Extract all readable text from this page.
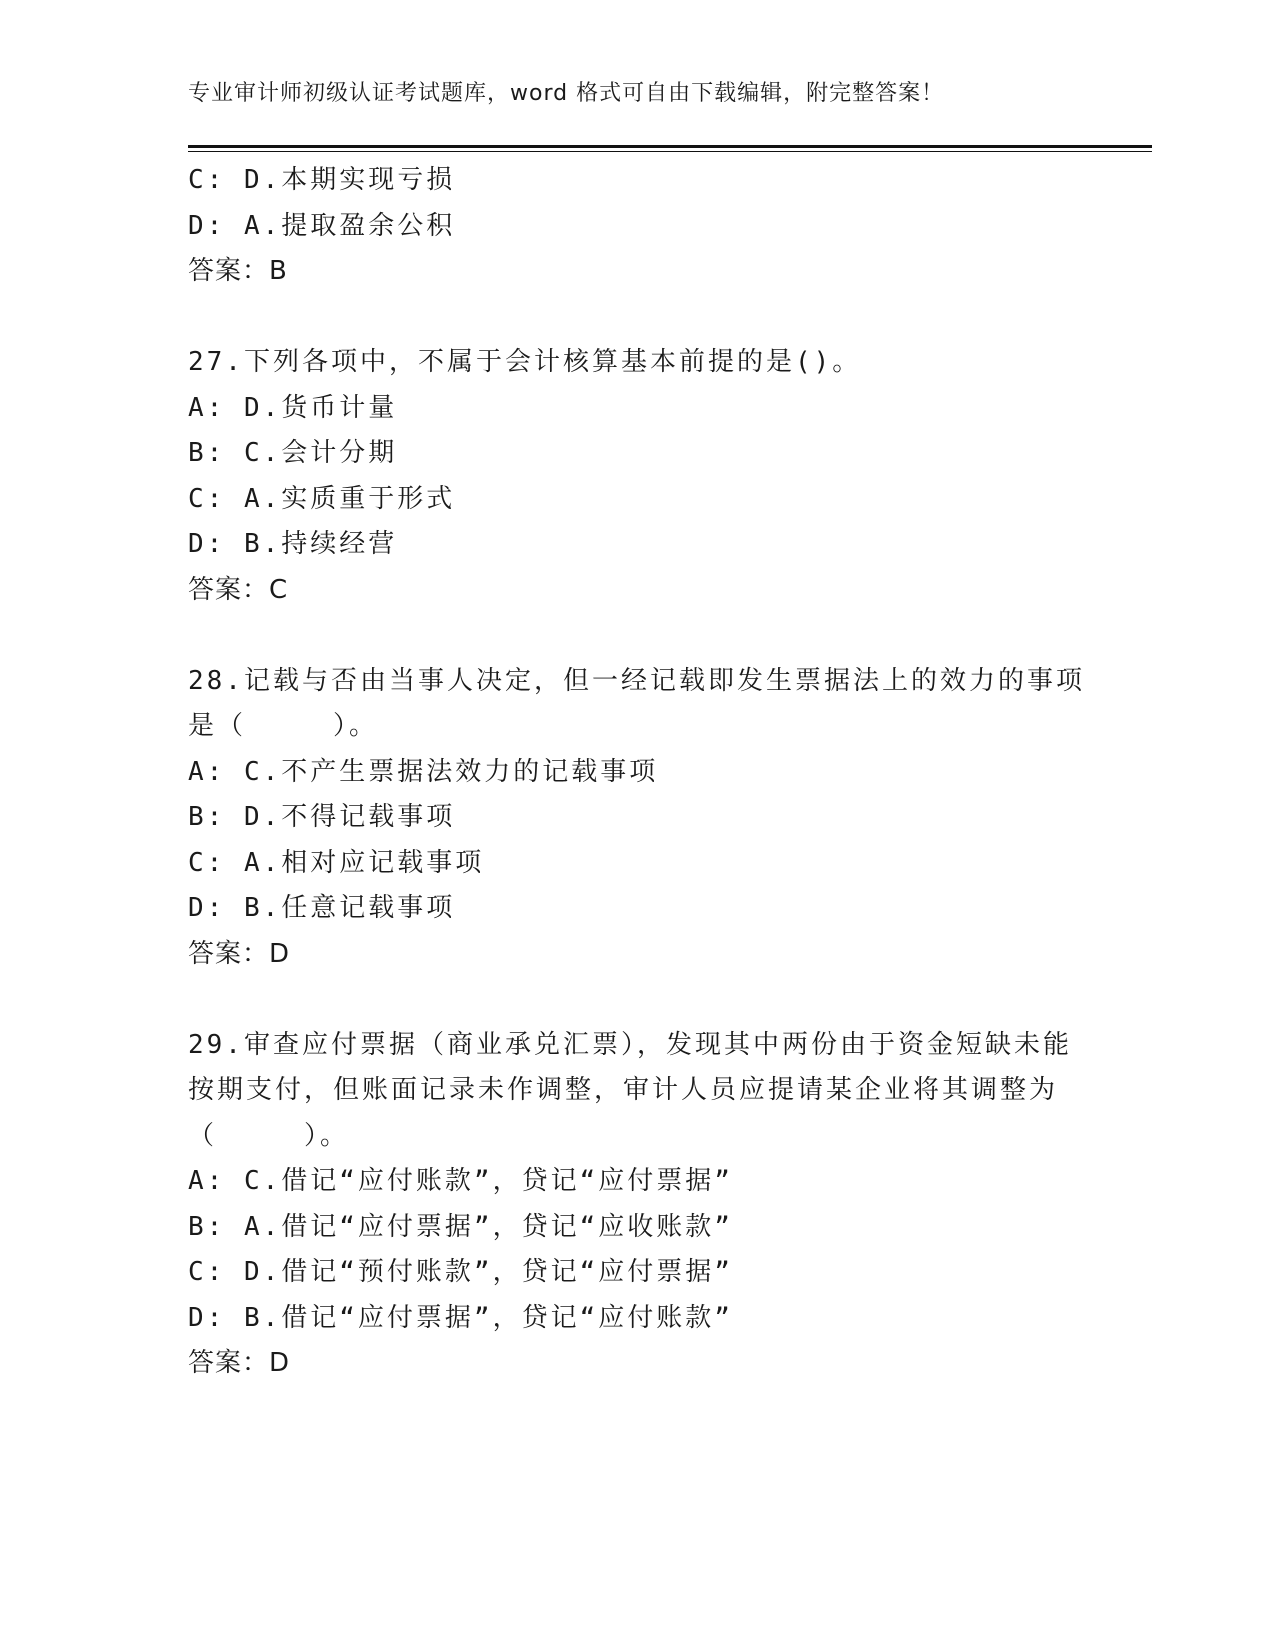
专业审计师初级认证考试题库，word 格式可自由下载编辑，附完整答案！
C: D.本期实现亏损
D: A.提取盈余公积
答案：B
27.下列各项中，不属于会计核算基本前提的是()。
A: D.货币计量
B: C.会计分期
C: A.实质重于形式
D: B.持续经营
答案：C
28.记载与否由当事人决定，但一经记载即发生票据法上的效力的事项
是（　　　）。
A: C.不产生票据法效力的记载事项
B: D.不得记载事项
C: A.相对应记载事项
D: B.任意记载事项
答案：D
29.审查应付票据（商业承兑汇票），发现其中两份由于资金短缺未能
按期支付，但账面记录未作调整，审计人员应提请某企业将其调整为
（　　　）。
A: C.借记“应付账款”，贷记“应付票据”
B: A.借记“应付票据”，贷记“应收账款”
C: D.借记“预付账款”，贷记“应付票据”
D: B.借记“应付票据”，贷记“应付账款”
答案：D
